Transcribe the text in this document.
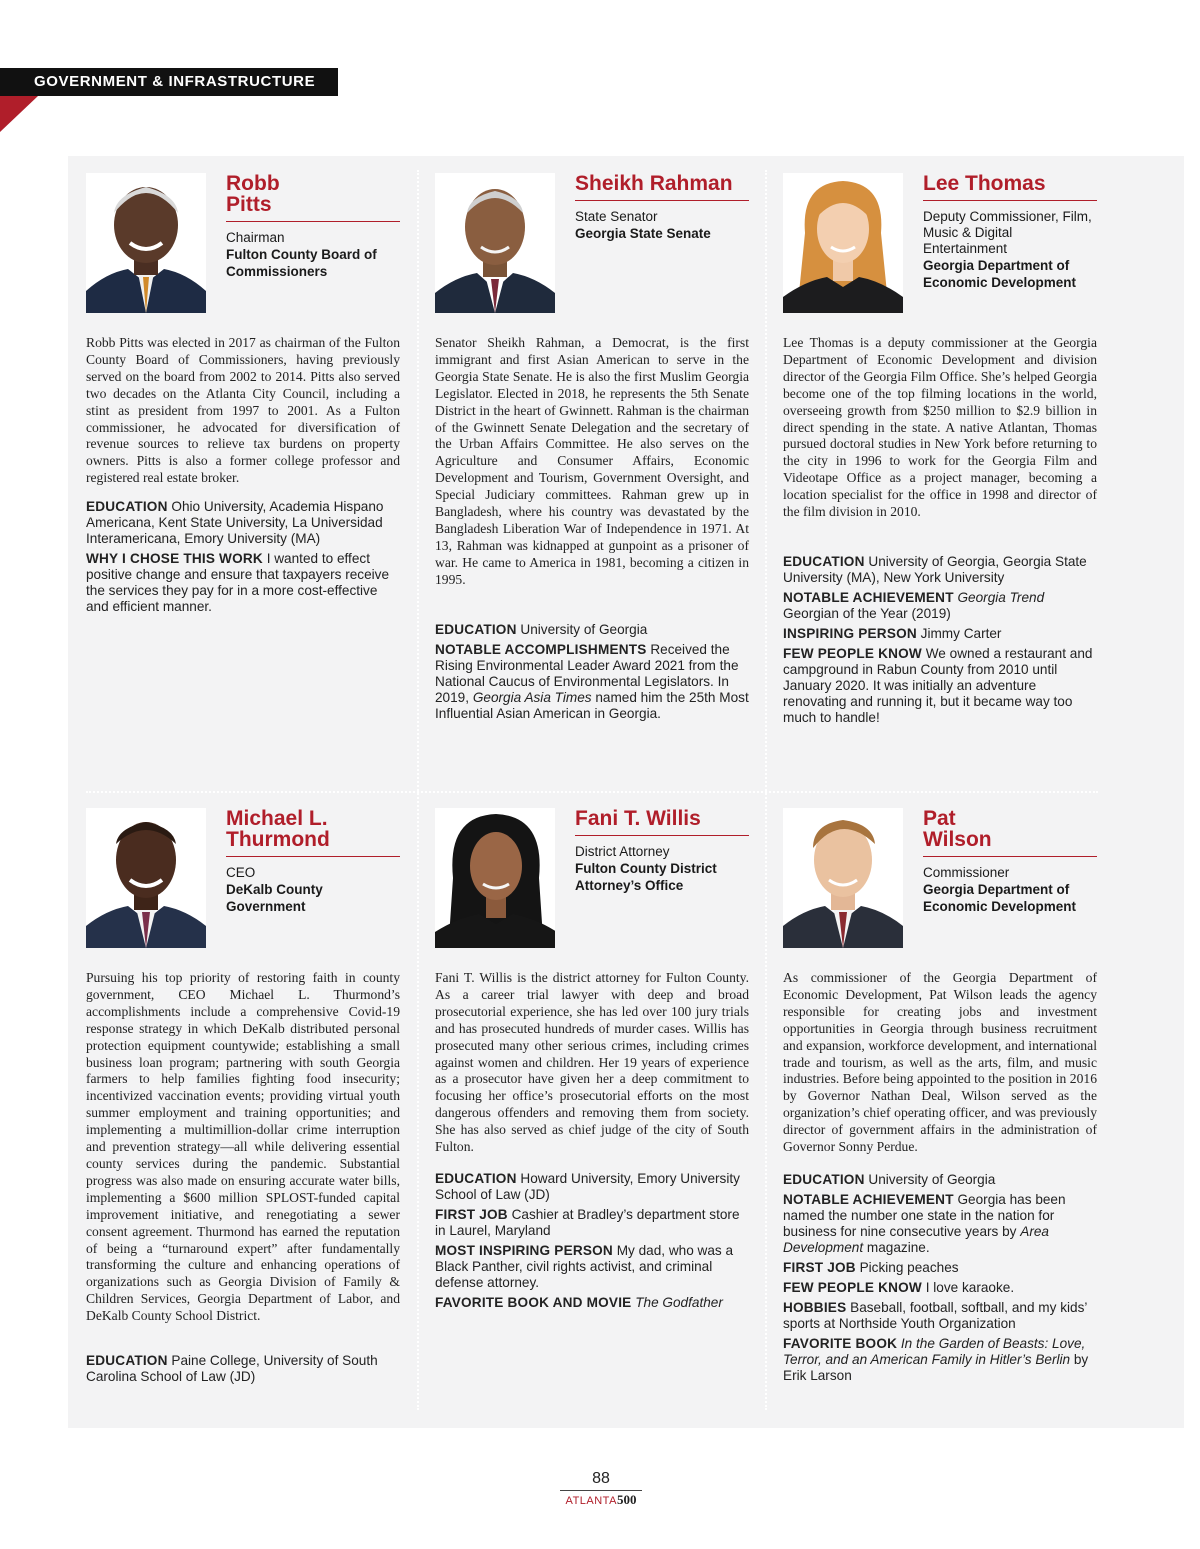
GOVERNMENT & INFRASTRUCTURE
Robb
Pitts
Chairman
Fulton County Board of Commissioners
Robb Pitts was elected in 2017 as chairman of the Fulton County Board of Commissioners, having previously served on the board from 2002 to 2014. Pitts also served two decades on the Atlanta City Council, including a stint as president from 1997 to 2001. As a Fulton commissioner, he advocated for diversification of revenue sources to relieve tax burdens on property owners. Pitts is also a former college professor and registered real estate broker.

EDUCATION Ohio University, Academia Hispano Americana, Kent State University, La Universidad Interamericana, Emory University (MA)

WHY I CHOSE THIS WORK I wanted to effect positive change and ensure that taxpayers receive the services they pay for in a more cost-effective and efficient manner.

Sheikh Rahman
State Senator
Georgia State Senate
Senator Sheikh Rahman, a Democrat, is the first immigrant and first Asian American to serve in the Georgia State Senate. He is also the first Muslim Georgia Legislator. Elected in 2018, he represents the 5th Senate District in the heart of Gwinnett. Rahman is the chairman of the Gwinnett Senate Delegation and the secretary of the Urban Affairs Committee. He also serves on the Agriculture and Consumer Affairs, Economic Development and Tourism, Government Oversight, and Special Judiciary committees. Rahman grew up in Bangladesh, where his country was devastated by the Bangladesh Liberation War of Independence in 1971. At 13, Rahman was kidnapped at gunpoint as a prisoner of war. He came to America in 1981, becoming a citizen in 1995.

EDUCATION University of Georgia

NOTABLE ACCOMPLISHMENTS Received the Rising Environmental Leader Award 2021 from the National Caucus of Environmental Legislators. In 2019, Georgia Asia Times named him the 25th Most Influential Asian American in Georgia.

Lee Thomas
Deputy Commissioner, Film, Music & Digital Entertainment
Georgia Department of Economic Development
Lee Thomas is a deputy commissioner at the Georgia Department of Economic Development and division director of the Georgia Film Office. She’s helped Georgia become one of the top filming locations in the world, overseeing growth from $250 million to $2.9 billion in direct spending in the state. A native Atlantan, Thomas pursued doctoral studies in New York before returning to the city in 1996 to work for the Georgia Film and Videotape Office as a project manager, becoming a location specialist for the office in 1998 and director of the film division in 2010.

EDUCATION University of Georgia, Georgia State University (MA), New York University

NOTABLE ACHIEVEMENT Georgia Trend Georgian of the Year (2019)

INSPIRING PERSON Jimmy Carter

FEW PEOPLE KNOW We owned a restaurant and campground in Rabun County from 2010 until January 2020. It was initially an adventure renovating and running it, but it became way too much to handle!

Michael L.
Thurmond
CEO
DeKalb County Government
Pursuing his top priority of restoring faith in county government, CEO Michael L. Thurmond’s accomplishments include a comprehensive Covid-19 response strategy in which DeKalb distributed personal protection equipment countywide; establishing a small business loan program; partnering with south Georgia farmers to help families fighting food insecurity; incentivized vaccination events; providing virtual youth summer employment and training opportunities; and implementing a multimillion-dollar crime interruption and prevention strategy—all while delivering essential county services during the pandemic. Substantial progress was also made on ensuring accurate water bills, implementing a $600 million SPLOST-funded capital improvement initiative, and renegotiating a sewer consent agreement. Thurmond has earned the reputation of being a “turnaround expert” after fundamentally transforming the culture and enhancing operations of organizations such as Georgia Division of Family & Children Services, Georgia Department of Labor, and DeKalb County School District.

EDUCATION Paine College, University of South Carolina School of Law (JD)

Fani T. Willis
District Attorney
Fulton County District Attorney’s Office
Fani T. Willis is the district attorney for Fulton County. As a career trial lawyer with deep and broad prosecutorial experience, she has led over 100 jury trials and has prosecuted hundreds of murder cases. Willis has prosecuted many other serious crimes, including crimes against women and children. Her 19 years of experience as a prosecutor have given her a deep commitment to focusing her office’s prosecutorial efforts on the most dangerous offenders and removing them from society. She has also served as chief judge of the city of South Fulton.

EDUCATION Howard University, Emory University School of Law (JD)

FIRST JOB Cashier at Bradley’s department store in Laurel, Maryland

MOST INSPIRING PERSON My dad, who was a Black Panther, civil rights activist, and criminal defense attorney.

FAVORITE BOOK AND MOVIE The Godfather

Pat
Wilson
Commissioner
Georgia Department of Economic Development
As commissioner of the Georgia Department of Economic Development, Pat Wilson leads the agency responsible for creating jobs and investment opportunities in Georgia through business recruitment and expansion, workforce development, and international trade and tourism, as well as the arts, film, and music industries. Before being appointed to the position in 2016 by Governor Nathan Deal, Wilson served as the organization’s chief operating officer, and was previously director of government affairs in the administration of Governor Sonny Perdue.

EDUCATION University of Georgia

NOTABLE ACHIEVEMENT Georgia has been named the number one state in the nation for business for nine consecutive years by Area Development magazine.

FIRST JOB Picking peaches

FEW PEOPLE KNOW I love karaoke.

HOBBIES Baseball, football, softball, and my kids’ sports at Northside Youth Organization

FAVORITE BOOK In the Garden of Beasts: Love, Terror, and an American Family in Hitler’s Berlin by Erik Larson

88
ATLANTA500
